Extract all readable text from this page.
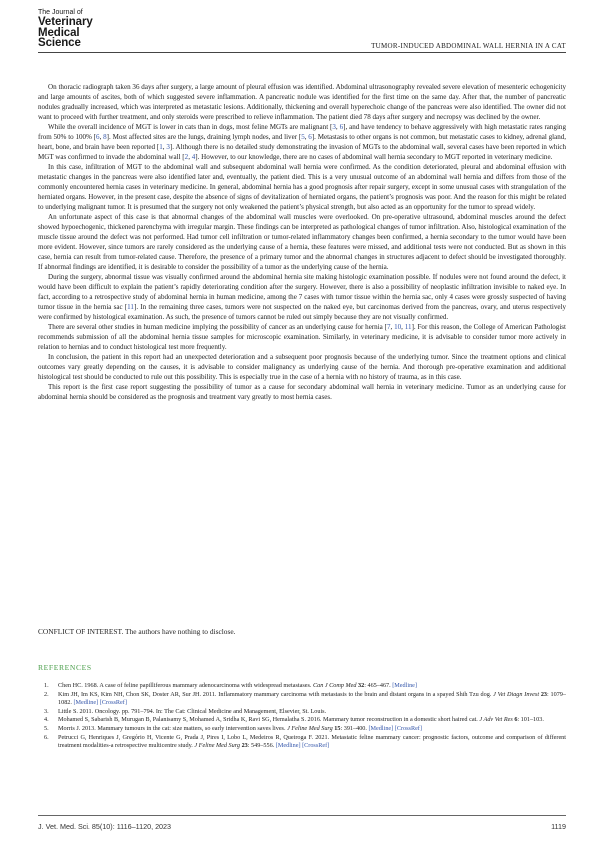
The Journal of
Veterinary
Medical
Science	TUMOR-INDUCED ABDOMINAL WALL HERNIA IN A CAT

On thoracic radiograph taken 36 days after surgery, a large amount of pleural effusion was identified. Abdominal ultrasonography revealed severe elevation of mesenteric echogenicity and large amounts of ascites, both of which suggested severe inflammation. A pancreatic nodule was identified for the first time on the same day. After that, the number of pancreatic nodules gradually increased, which was interpreted as metastatic lesions. Additionally, thickening and overall hyperechoic change of the pancreas were also identified. The owner did not want to proceed with further treatment, and only steroids were prescribed to relieve inflammation. The patient died 78 days after surgery and necropsy was declined by the owner.

While the overall incidence of MGT is lower in cats than in dogs, most feline MGTs are malignant [3, 6], and have tendency to behave aggressively with high metastatic rates ranging from 50% to 100% [6, 8]. Most affected sites are the lungs, draining lymph nodes, and liver [5, 6]. Metastasis to other organs is not common, but metastatic cases to kidney, adrenal gland, heart, bone, and brain have been reported [1, 3]. Although there is no detailed study demonstrating the invasion of MGTs to the abdominal wall, several cases have been reported in which MGT was confirmed to invade the abdominal wall [2, 4]. However, to our knowledge, there are no cases of abdominal wall hernia secondary to MGT reported in veterinary medicine.

In this case, infiltration of MGT to the abdominal wall and subsequent abdominal wall hernia were confirmed. As the condition deteriorated, pleural and abdominal effusion with metastatic changes in the pancreas were also identified later and, eventually, the patient died. This is a very unusual outcome of an abdominal wall hernia and differs from those of the commonly encountered hernia cases in veterinary medicine. In general, abdominal hernia has a good prognosis after repair surgery, except in some unusual cases with strangulation of the herniated organs. However, in the present case, despite the absence of signs of devitalization of herniated organs, the patient’s prognosis was poor. And the reason for this might be related to underlying malignant tumor. It is presumed that the surgery not only weakened the patient’s physical strength, but also acted as an opportunity for the tumor to spread widely.

An unfortunate aspect of this case is that abnormal changes of the abdominal wall muscles were overlooked. On pre-operative ultrasound, abdominal muscles around the defect showed hypoechogenic, thickened parenchyma with irregular margin. These findings can be interpreted as pathological changes of tumor infiltration. Also, histological examination of the muscle tissue around the defect was not performed. Had tumor cell infiltration or tumor-related inflammatory changes been confirmed, a hernia secondary to the tumor would have been more evident. However, since tumors are rarely considered as the underlying cause of a hernia, these features were missed, and additional tests were not conducted. But as shown in this case, hernia can result from tumor-related cause. Therefore, the presence of a primary tumor and the abnormal changes in structures adjacent to defect should be investigated thoroughly. If abnormal findings are identified, it is desirable to consider the possibility of a tumor as the underlying cause of the hernia.

During the surgery, abnormal tissue was visually confirmed around the abdominal hernia site making histologic examination possible. If nodules were not found around the defect, it would have been difficult to explain the patient’s rapidly deteriorating condition after the surgery. However, there is also a possibility of neoplastic infiltration invisible to naked eye. In fact, according to a retrospective study of abdominal hernia in human medicine, among the 7 cases with tumor tissue within the hernia sac, only 4 cases were grossly suspected of having tumor tissue in the hernia sac [11]. In the remaining three cases, tumors were not suspected on the naked eye, but carcinomas derived from the pancreas, ovary, and uterus respectively were confirmed by histological examination. As such, the presence of tumors cannot be ruled out simply because they are not visually confirmed.

There are several other studies in human medicine implying the possibility of cancer as an underlying cause for hernia [7, 10, 11]. For this reason, the College of American Pathologist recommends submission of all the abdominal hernia tissue samples for microscopic examination. Similarly, in veterinary medicine, it is advisable to consider tumor more actively in relation to hernias and to conduct histological test more frequently.

In conclusion, the patient in this report had an unexpected deterioration and a subsequent poor prognosis because of the underlying tumor. Since the treatment options and clinical outcomes vary greatly depending on the causes, it is advisable to consider malignancy as underlying cause of the hernia. And thorough pre-operative examination and additional histological test should be conducted to rule out this possibility. This is especially true in the case of a hernia with no history of trauma, as in this case.

This report is the first case report suggesting the possibility of tumor as a cause for secondary abdominal wall hernia in veterinary medicine. Tumor as an underlying cause for abdominal hernia should be considered as the prognosis and treatment vary greatly to most hernia cases.

CONFLICT OF INTEREST. The authors have nothing to disclose.
REFERENCES
1. Chen HC. 1968. A case of feline papilliferous mammary adenocarcinoma with widespread metastases. Can J Comp Med 32: 465–467. [Medline]
2. Kim JH, Im KS, Kim NH, Chon SK, Doster AR, Sur JH. 2011. Inflammatory mammary carcinoma with metastasis to the brain and distant organs in a spayed Shih Tzu dog. J Vet Diagn Invest 23: 1079–1082. [Medline] [CrossRef]
3. Little S. 2011. Oncology. pp. 791–794. In: The Cat: Clinical Medicine and Management, Elsevier, St. Louis.
4. Mohamed S, Sabarish B, Murugan B, Palanisamy S, Mohamed A, Sridha K, Ravi SG, Hemalatha S. 2016. Mammary tumor reconstruction in a domestic short haired cat. J Adv Vet Res 6: 101–103.
5. Morris J. 2013. Mammary tumours in the cat: size matters, so early intervention saves lives. J Feline Med Surg 15: 391–400. [Medline] [CrossRef]
6. Petrucci G, Henriques J, Gregório H, Vicente G, Prada J, Pires I, Lobo L, Medeiros R, Queiroga F. 2021. Metastatic feline mammary cancer: prognostic factors, outcome and comparison of different treatment modalities-a retrospective multicentre study. J Feline Med Surg 23: 549–556. [Medline] [CrossRef]
J. Vet. Med. Sci. 85(10): 1116–1120, 2023	1119
